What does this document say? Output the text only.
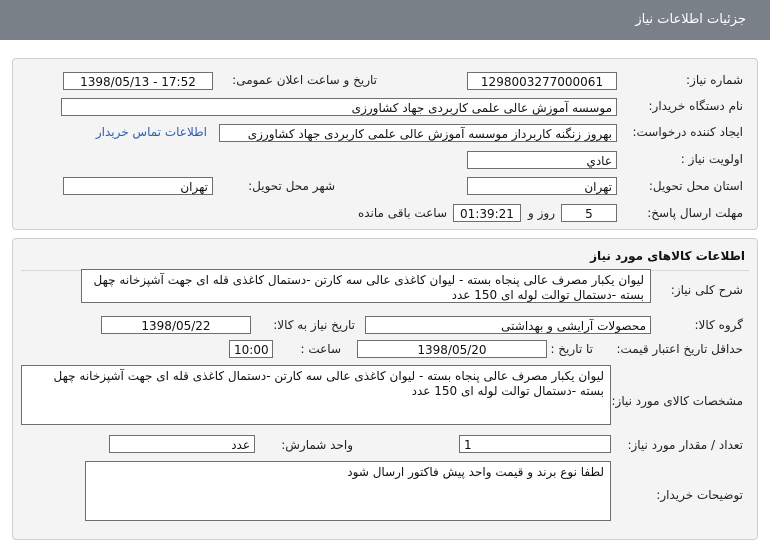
جزئیات اطلاعات نیاز
شماره نیاز:
1298003277000061
تاریخ و ساعت اعلان عمومی:
1398/05/13 - 17:52
نام دستگاه خریدار:
موسسه آموزش عالی علمی کاربردی جهاد کشاورزی
ایجاد کننده درخواست:
بهروز زنگنه کاربرداز موسسه آموزش عالی علمی کاربردی جهاد کشاورزی
اطلاعات تماس خریدار
اولویت نیاز :
عادي
استان محل تحویل:
تهران
شهر محل تحویل:
تهران
مهلت ارسال پاسخ:
5
روز و
01:39:21
ساعت باقی مانده
اطلاعات کالاهای مورد نیاز
شرح کلی نیاز:
لیوان یکبار مصرف عالی پنجاه بسته - لیوان کاغذی عالی سه کارتن -دستمال کاغذی قله ای جهت آشپزخانه چهل بسته -دستمال توالت لوله ای 150 عدد
گروه کالا:
محصولات آرایشی و بهداشتی
تاریخ نیاز به کالا:
1398/05/22
حداقل تاریخ اعتبار قیمت:
تا تاریخ :
1398/05/20
ساعت :
10:00
مشخصات کالای مورد نیاز:
لیوان یکبار مصرف عالی پنجاه بسته - لیوان کاغذی عالی سه کارتن -دستمال کاغذی قله ای جهت آشپزخانه چهل بسته -دستمال توالت لوله ای 150 عدد
تعداد / مقدار مورد نیاز:
1
واحد شمارش:
عدد
توضیحات خریدار:
لطفا نوع برند و قیمت واحد پیش فاکتور ارسال شود
